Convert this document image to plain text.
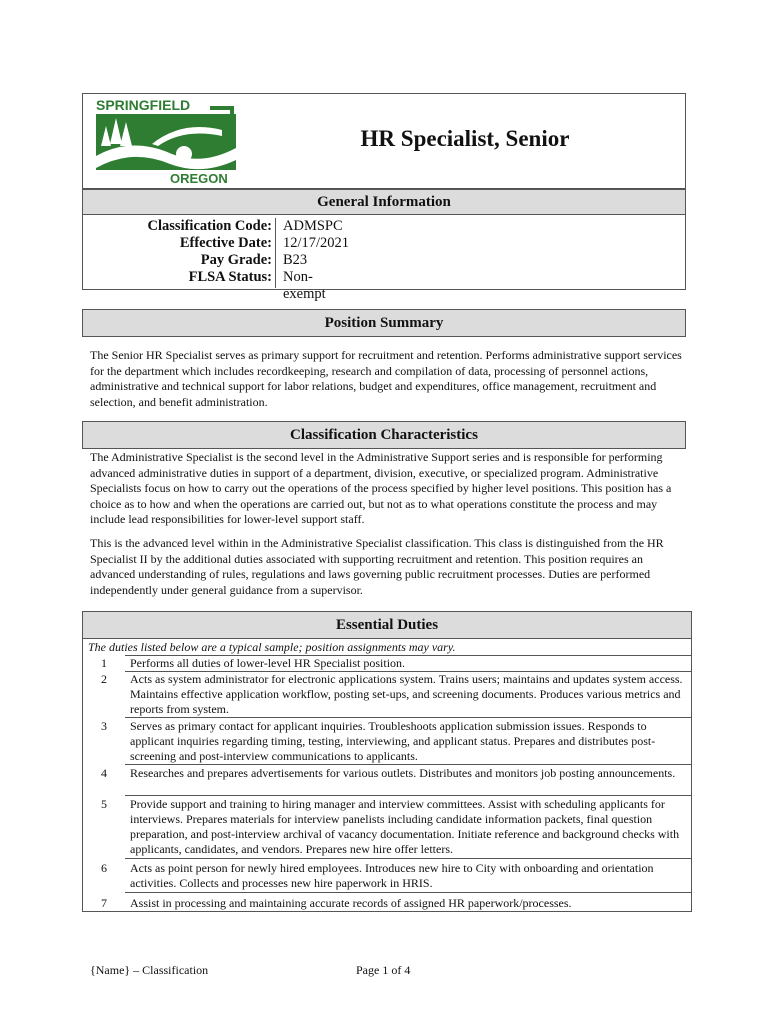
SPRINGFIELD
OREGON
HR Specialist, Senior
General Information
Classification Code: ADMSPC
Effective Date: 12/17/2021
Pay Grade: B23
FLSA Status: Non-exempt
Position Summary
The Senior HR Specialist serves as primary support for recruitment and retention. Performs administrative support services for the department which includes recordkeeping, research and compilation of data, processing of personnel actions, administrative and technical support for labor relations, budget and expenditures, office management, recruitment and selection, and benefit administration.
Classification Characteristics
The Administrative Specialist is the second level in the Administrative Support series and is responsible for performing advanced administrative duties in support of a department, division, executive, or specialized program. Administrative Specialists focus on how to carry out the operations of the process specified by higher level positions. This position has a choice as to how and when the operations are carried out, but not as to what operations constitute the process and may include lead responsibilities for lower-level support staff.
This is the advanced level within in the Administrative Specialist classification. This class is distinguished from the HR Specialist II by the additional duties associated with supporting recruitment and retention. This position requires an advanced understanding of rules, regulations and laws governing public recruitment processes. Duties are performed independently under general guidance from a supervisor.
Essential Duties
The duties listed below are a typical sample; position assignments may vary.
1	Performs all duties of lower-level HR Specialist position.
2	Acts as system administrator for electronic applications system. Trains users; maintains and updates system access. Maintains effective application workflow, posting set-ups, and screening documents. Produces various metrics and reports from system.
3	Serves as primary contact for applicant inquiries. Troubleshoots application submission issues. Responds to applicant inquiries regarding timing, testing, interviewing, and applicant status. Prepares and distributes post-screening and post-interview communications to applicants.
4	Researches and prepares advertisements for various outlets. Distributes and monitors job posting announcements.
5	Provide support and training to hiring manager and interview committees. Assist with scheduling applicants for interviews. Prepares materials for interview panelists including candidate information packets, final question preparation, and post-interview archival of vacancy documentation. Initiate reference and background checks with applicants, candidates, and vendors. Prepares new hire offer letters.
6	Acts as point person for newly hired employees. Introduces new hire to City with onboarding and orientation activities. Collects and processes new hire paperwork in HRIS.
7	Assist in processing and maintaining accurate records of assigned HR paperwork/processes.
{Name} – Classification	Page 1 of 4
